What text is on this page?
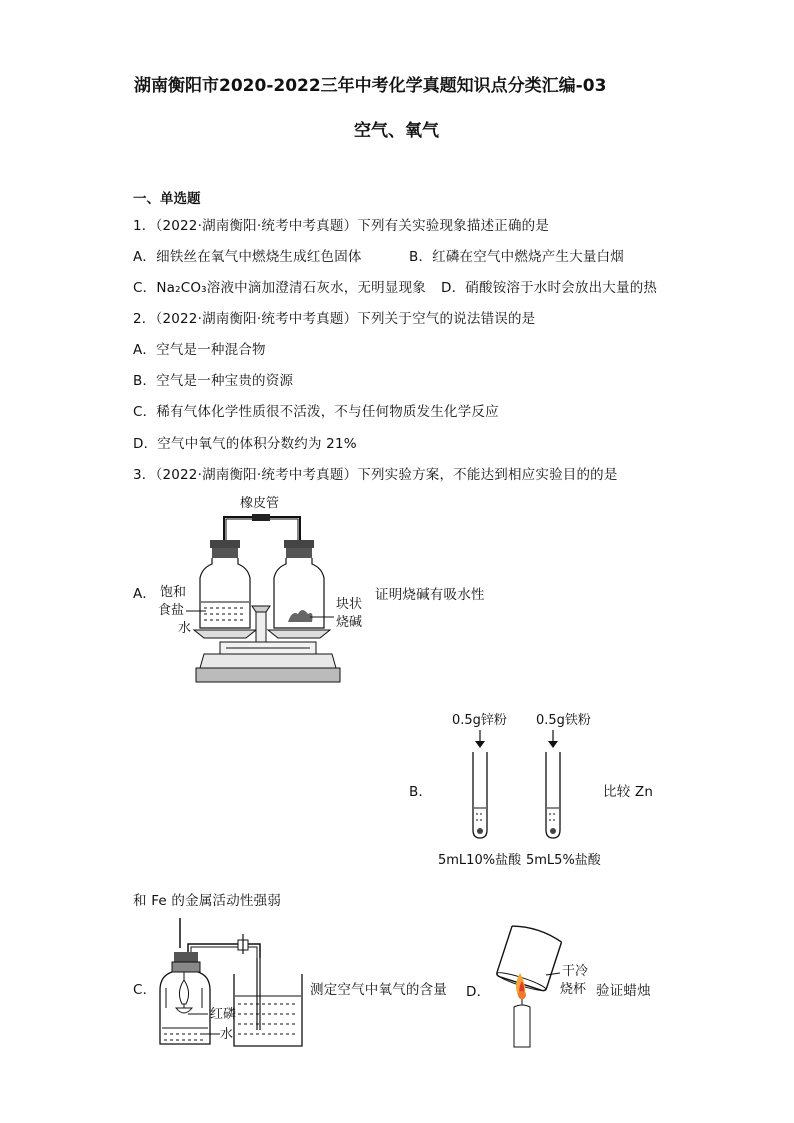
湖南衡阳市2020-2022三年中考化学真题知识点分类汇编-03
空气、氧气
一、单选题
1．（2022·湖南衡阳·统考中考真题）下列有关实验现象描述正确的是
A．细铁丝在氧气中燃烧生成红色固体	B．红磷在空气中燃烧产生大量白烟
C．Na₂CO₃溶液中滴加澄清石灰水，无明显现象 D．硝酸铵溶于水时会放出大量的热
2．（2022·湖南衡阳·统考中考真题）下列关于空气的说法错误的是
A．空气是一种混合物
B．空气是一种宝贵的资源
C．稀有气体化学性质很不活泼，不与任何物质发生化学反应
D．空气中氧气的体积分数约为 21%
3．（2022·湖南衡阳·统考中考真题）下列实验方案，不能达到相应实验目的的是
A．
橡皮管
饱和
食盐
水
块状
烧碱
证明烧碱有吸水性
B．
0.5g锌粉 0.5g铁粉
5mL10%盐酸 5mL5%盐酸
比较 Zn
和 Fe 的金属活动性强弱
C．
红磷
水
测定空气中氧气的含量 D．
干冷
烧杯 验证蜡烛
